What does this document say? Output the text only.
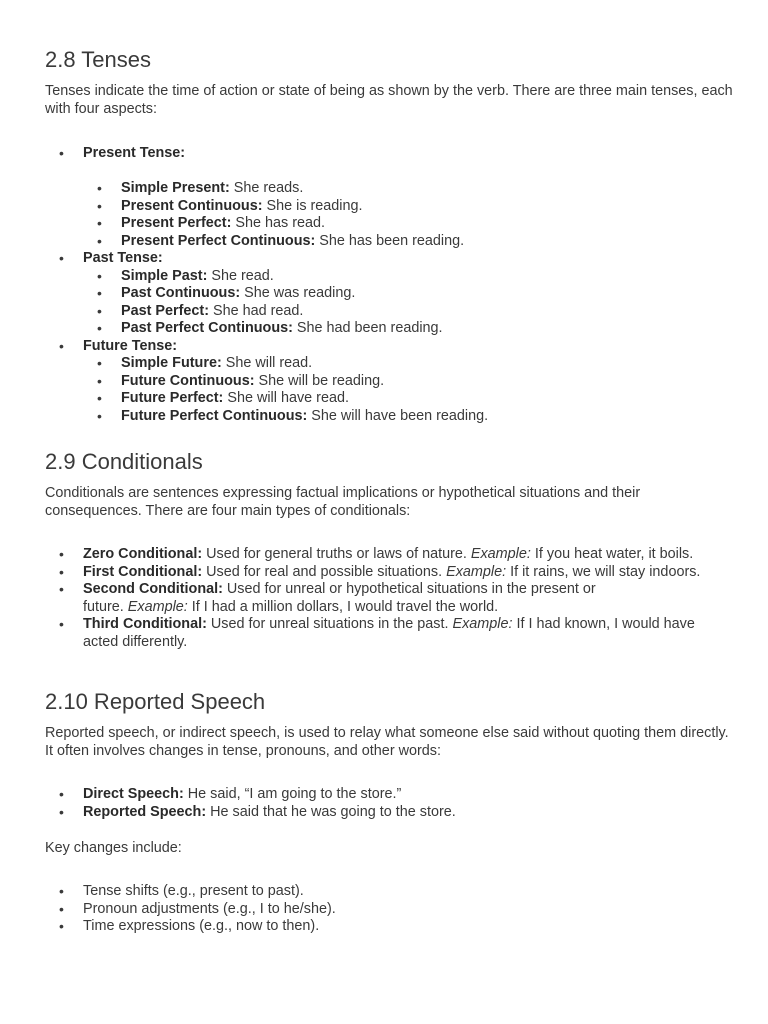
2.8 Tenses

Tenses indicate the time of action or state of being as shown by the verb. There are three main tenses, each with four aspects:

• Present Tense:
• Simple Present: She reads.
• Present Continuous: She is reading.
• Present Perfect: She has read.
• Present Perfect Continuous: She has been reading.
• Past Tense:
• Simple Past: She read.
• Past Continuous: She was reading.
• Past Perfect: She had read.
• Past Perfect Continuous: She had been reading.
• Future Tense:
• Simple Future: She will read.
• Future Continuous: She will be reading.
• Future Perfect: She will have read.
• Future Perfect Continuous: She will have been reading.
2.9 Conditionals

Conditionals are sentences expressing factual implications or hypothetical situations and their consequences. There are four main types of conditionals:

• Zero Conditional: Used for general truths or laws of nature. Example: If you heat water, it boils.
• First Conditional: Used for real and possible situations. Example: If it rains, we will stay indoors.
• Second Conditional: Used for unreal or hypothetical situations in the present or future. Example: If I had a million dollars, I would travel the world.
• Third Conditional: Used for unreal situations in the past. Example: If I had known, I would have acted differently.
2.10 Reported Speech

Reported speech, or indirect speech, is used to relay what someone else said without quoting them directly. It often involves changes in tense, pronouns, and other words:

• Direct Speech: He said, “I am going to the store.”
• Reported Speech: He said that he was going to the store.

Key changes include:

• Tense shifts (e.g., present to past).
• Pronoun adjustments (e.g., I to he/she).
• Time expressions (e.g., now to then).
